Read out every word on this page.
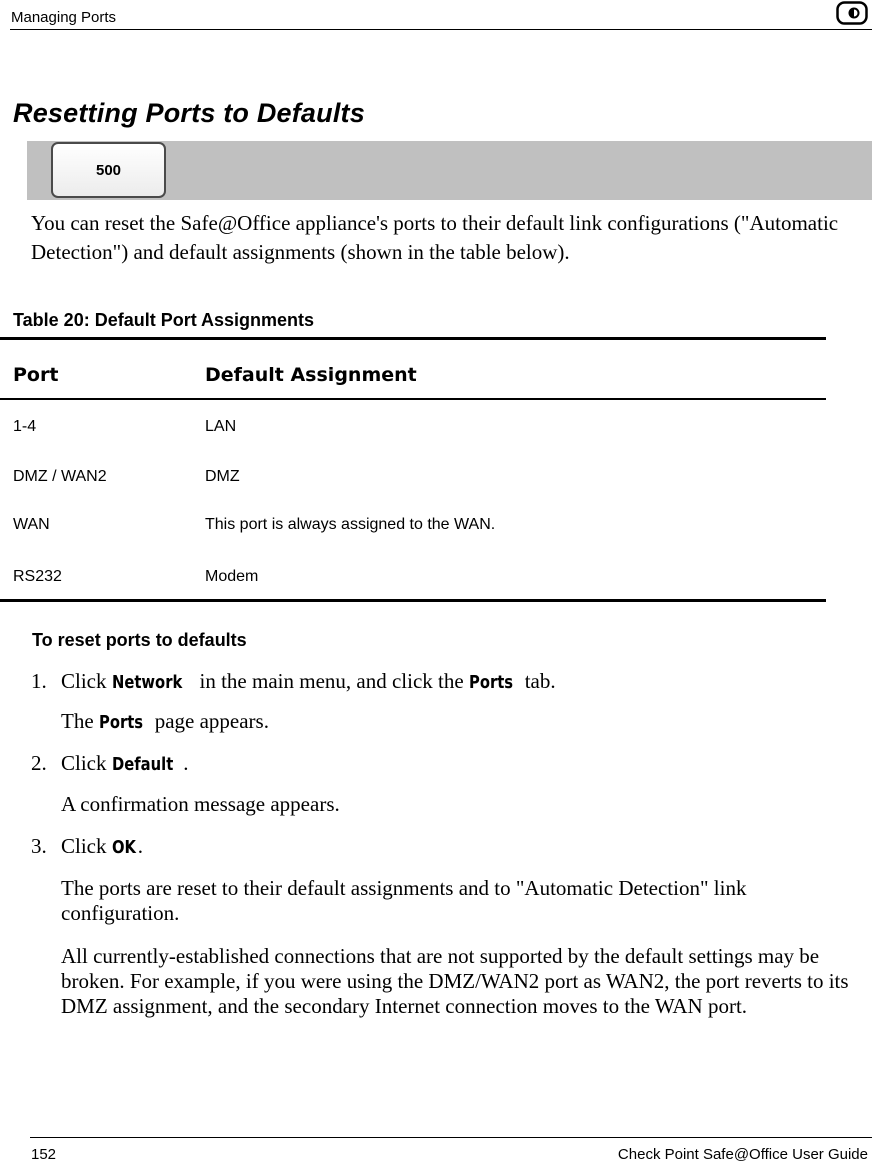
Managing Ports
Resetting Ports to Defaults
500
You can reset the Safe@Office appliance's ports to their default link configurations ("Automatic Detection") and default assignments (shown in the table below).
Table 20: Default Port Assignments
Port	Default Assignment
1-4	LAN
DMZ / WAN2	DMZ
WAN	This port is always assigned to the WAN.
RS232	Modem
To reset ports to defaults
1. Click Network in the main menu, and click the Ports tab.
The Ports page appears.
2. Click Default .
A confirmation message appears.
3. Click OK.
The ports are reset to their default assignments and to "Automatic Detection" link configuration.
All currently-established connections that are not supported by the default settings may be broken. For example, if you were using the DMZ/WAN2 port as WAN2, the port reverts to its DMZ assignment, and the secondary Internet connection moves to the WAN port.
152	Check Point Safe@Office User Guide
